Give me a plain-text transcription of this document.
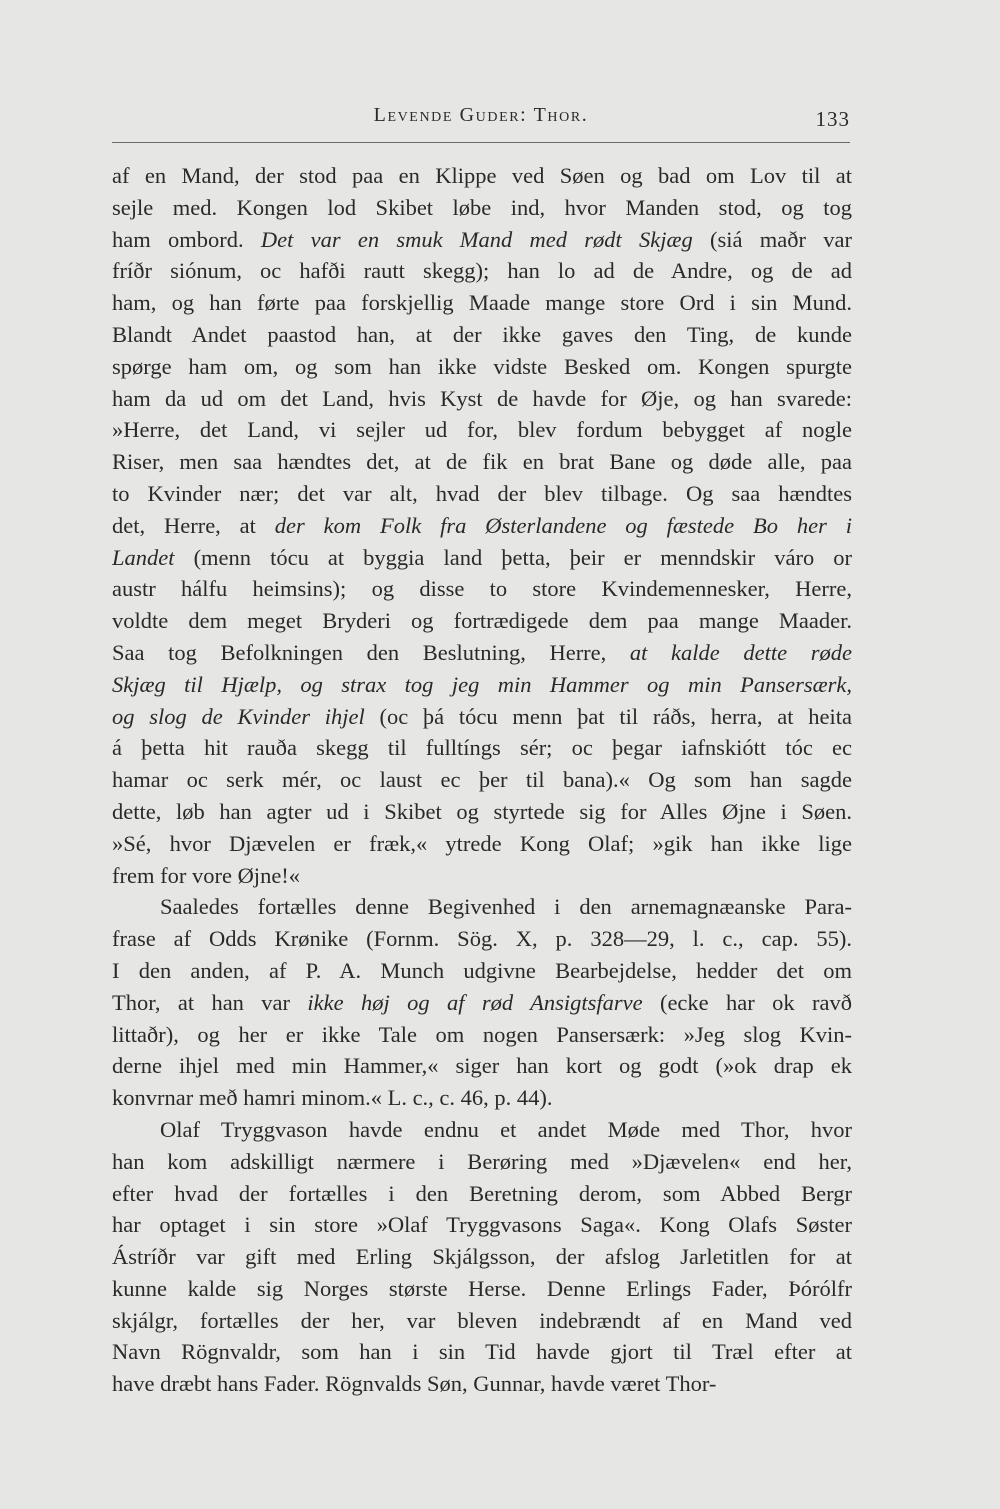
Levende Guder: Thor.	133
af en Mand, der stod paa en Klippe ved Søen og bad om Lov til at
sejle med. Kongen lod Skibet løbe ind, hvor Manden stod, og tog
ham ombord. Det var en smuk Mand med rødt Skjæg (siá maðr var
fríðr siónum, oc hafði rautt skegg); han lo ad de Andre, og de ad
ham, og han førte paa forskjellig Maade mange store Ord i sin Mund.
Blandt Andet paastod han, at der ikke gaves den Ting, de kunde
spørge ham om, og som han ikke vidste Besked om. Kongen spurgte
ham da ud om det Land, hvis Kyst de havde for Øje, og han svarede:
»Herre, det Land, vi sejler ud for, blev fordum bebygget af nogle
Riser, men saa hændtes det, at de fik en brat Bane og døde alle, paa
to Kvinder nær; det var alt, hvad der blev tilbage. Og saa hændtes
det, Herre, at der kom Folk fra Østerlandene og fæstede Bo her i
Landet (menn tócu at byggia land þetta, þeir er menndskir váro or
austr hálfu heimsins); og disse to store Kvindemennesker, Herre,
voldte dem meget Bryderi og fortrædigede dem paa mange Maader.
Saa tog Befolkningen den Beslutning, Herre, at kalde dette røde
Skjæg til Hjælp, og strax tog jeg min Hammer og min Pansersærk,
og slog de Kvinder ihjel (oc þá tócu menn þat til ráðs, herra, at heita
á þetta hit rauða skegg til fulltíngs sér; oc þegar iafnskiótt tóc ec
hamar oc serk mér, oc laust ec þer til bana).« Og som han sagde
dette, løb han agter ud i Skibet og styrtede sig for Alles Øjne i Søen.
»Sé, hvor Djævelen er fræk,« ytrede Kong Olaf; »gik han ikke lige
frem for vore Øjne!«
Saaledes fortælles denne Begivenhed i den arnemagnæanske Para-
frase af Odds Krønike (Fornm. Sög. X, p. 328—29, l. c., cap. 55).
I den anden, af P. A. Munch udgivne Bearbejdelse, hedder det om
Thor, at han var ikke høj og af rød Ansigtsfarve (ecke har ok ravð
littaðr), og her er ikke Tale om nogen Pansersærk: »Jeg slog Kvin-
derne ihjel med min Hammer,« siger han kort og godt (»ok drap ek
konvrnar með hamri minom.« L. c., c. 46, p. 44).
Olaf Tryggvason havde endnu et andet Møde med Thor, hvor
han kom adskilligt nærmere i Berøring med »Djævelen« end her,
efter hvad der fortælles i den Beretning derom, som Abbed Bergr
har optaget i sin store »Olaf Tryggvasons Saga«. Kong Olafs Søster
Ástríðr var gift med Erling Skjálgsson, der afslog Jarletitlen for at
kunne kalde sig Norges største Herse. Denne Erlings Fader, Þórólfr
skjálgr, fortælles der her, var bleven indebrændt af en Mand ved
Navn Rögnvaldr, som han i sin Tid havde gjort til Træl efter at
have dræbt hans Fader. Rögnvalds Søn, Gunnar, havde været Thor-
